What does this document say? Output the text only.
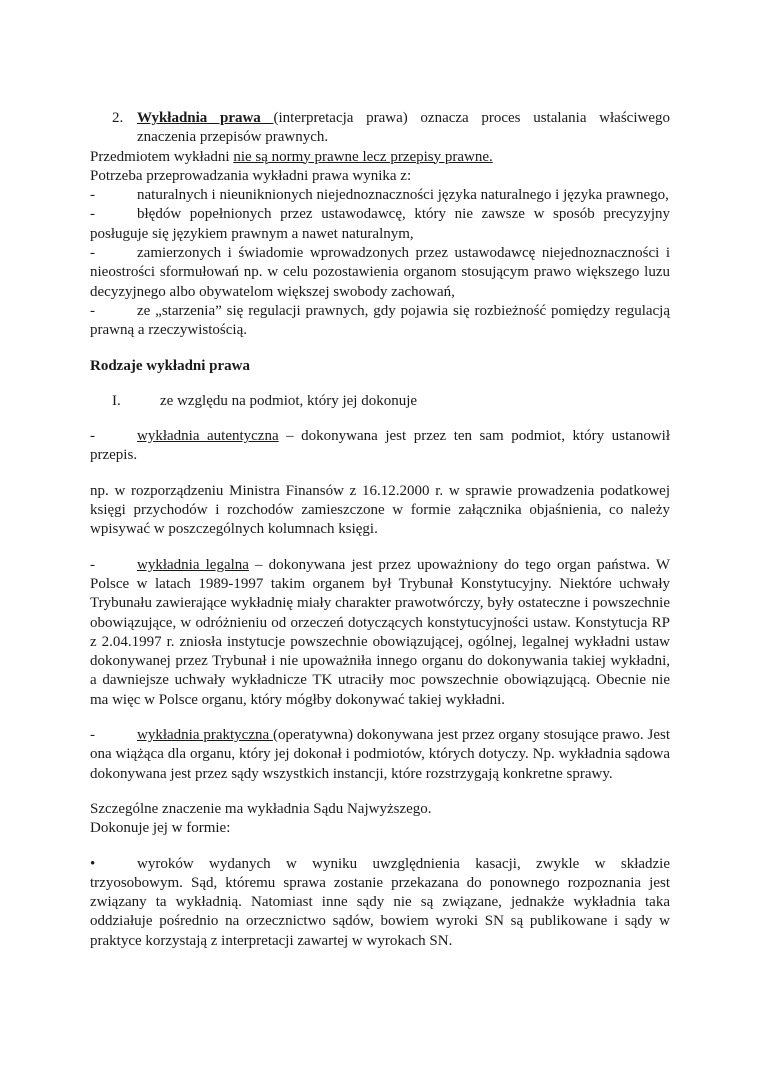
2. Wykładnia prawa (interpretacja prawa) oznacza proces ustalania właściwego znaczenia przepisów prawnych.

Przedmiotem wykładni nie są normy prawne lecz przepisy prawne.

Potrzeba przeprowadzania wykładni prawa wynika z:

-	naturalnych i nieuniknionych niejednoznaczności języka naturalnego i języka prawnego,

-	błędów popełnionych przez ustawodawcę, który nie zawsze w sposób precyzyjny posługuje się językiem prawnym a nawet naturalnym,

-	zamierzonych i świadomie wprowadzonych przez ustawodawcę niejednoznaczności i nieostrości sformułowań np. w celu pozostawienia organom stosującym prawo większego luzu decyzyjnego albo obywatelom większej swobody zachowań,

-	ze „starzenia” się regulacji prawnych, gdy pojawia się rozbieżność pomiędzy regulacją prawną a rzeczywistością.

Rodzaje wykładni prawa

I.	ze względu na podmiot, który jej dokonuje

-	wykładnia autentyczna – dokonywana jest przez ten sam podmiot, który ustanowił przepis.

np. w rozporządzeniu Ministra Finansów z 16.12.2000 r. w sprawie prowadzenia podatkowej księgi przychodów i rozchodów zamieszczone w formie załącznika objaśnienia, co należy wpisywać w poszczególnych kolumnach księgi.

-	wykładnia legalna – dokonywana jest przez upoważniony do tego organ państwa. W Polsce w latach 1989-1997 takim organem był Trybunał Konstytucyjny. Niektóre uchwały Trybunału zawierające wykładnię miały charakter prawotwórczy, były ostateczne i powszechnie obowiązujące, w odróżnieniu od orzeczeń dotyczących konstytucyjności ustaw. Konstytucja RP z 2.04.1997 r. zniosła instytucje powszechnie obowiązującej, ogólnej, legalnej wykładni ustaw dokonywanej przez Trybunał i nie upoważniła innego organu do dokonywania takiej wykładni, a dawniejsze uchwały wykładnicze TK utraciły moc powszechnie obowiązującą. Obecnie nie ma więc w Polsce organu, który mógłby dokonywać takiej wykładni.

-	wykładnia praktyczna (operatywna) dokonywana jest przez organy stosujące prawo. Jest ona wiążąca dla organu, który jej dokonał i podmiotów, których dotyczy. Np. wykładnia sądowa dokonywana jest przez sądy wszystkich instancji, które rozstrzygają konkretne sprawy.

Szczególne znaczenie ma wykładnia Sądu Najwyższego.

Dokonuje jej w formie:

•	wyroków wydanych w wyniku uwzględnienia kasacji, zwykle w składzie trzyosobowym. Sąd, któremu sprawa zostanie przekazana do ponownego rozpoznania jest związany ta wykładnią. Natomiast inne sądy nie są związane, jednakże wykładnia taka oddziałuje pośrednio na orzecznictwo sądów, bowiem wyroki SN są publikowane i sądy w praktyce korzystają z interpretacji zawartej w wyrokach SN.
